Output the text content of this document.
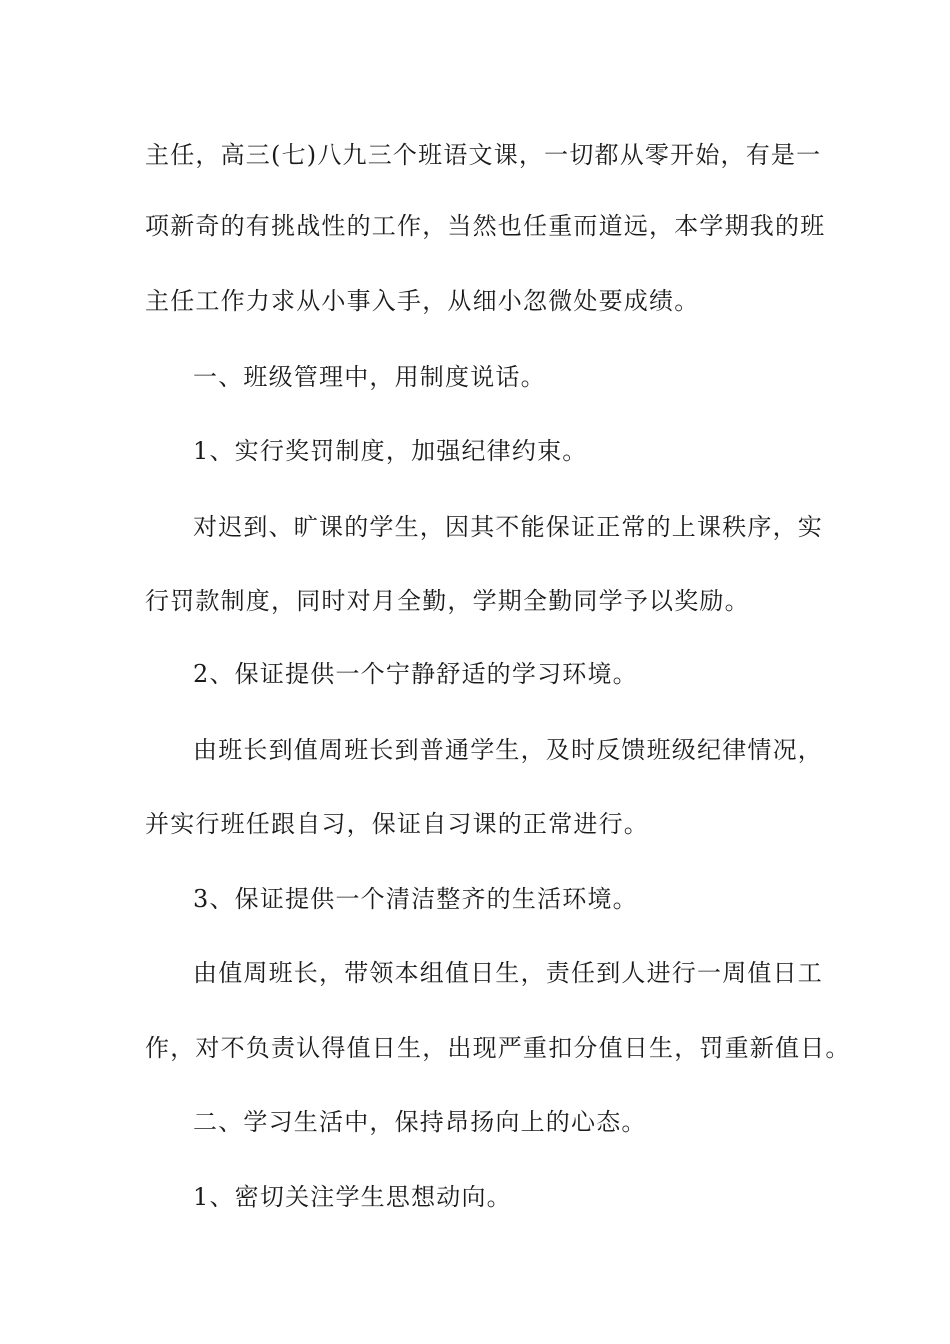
主任，高三(七)八九三个班语文课，一切都从零开始，有是一
项新奇的有挑战性的工作，当然也任重而道远，本学期我的班
主任工作力求从小事入手，从细小忽微处要成绩。
一、班级管理中，用制度说话。
1、实行奖罚制度，加强纪律约束。
对迟到、旷课的学生，因其不能保证正常的上课秩序，实
行罚款制度，同时对月全勤，学期全勤同学予以奖励。
2、保证提供一个宁静舒适的学习环境。
由班长到值周班长到普通学生，及时反馈班级纪律情况，
并实行班任跟自习，保证自习课的正常进行。
3、保证提供一个清洁整齐的生活环境。
由值周班长，带领本组值日生，责任到人进行一周值日工
作，对不负责认得值日生，出现严重扣分值日生，罚重新值日。
二、学习生活中，保持昂扬向上的心态。
1、密切关注学生思想动向。
